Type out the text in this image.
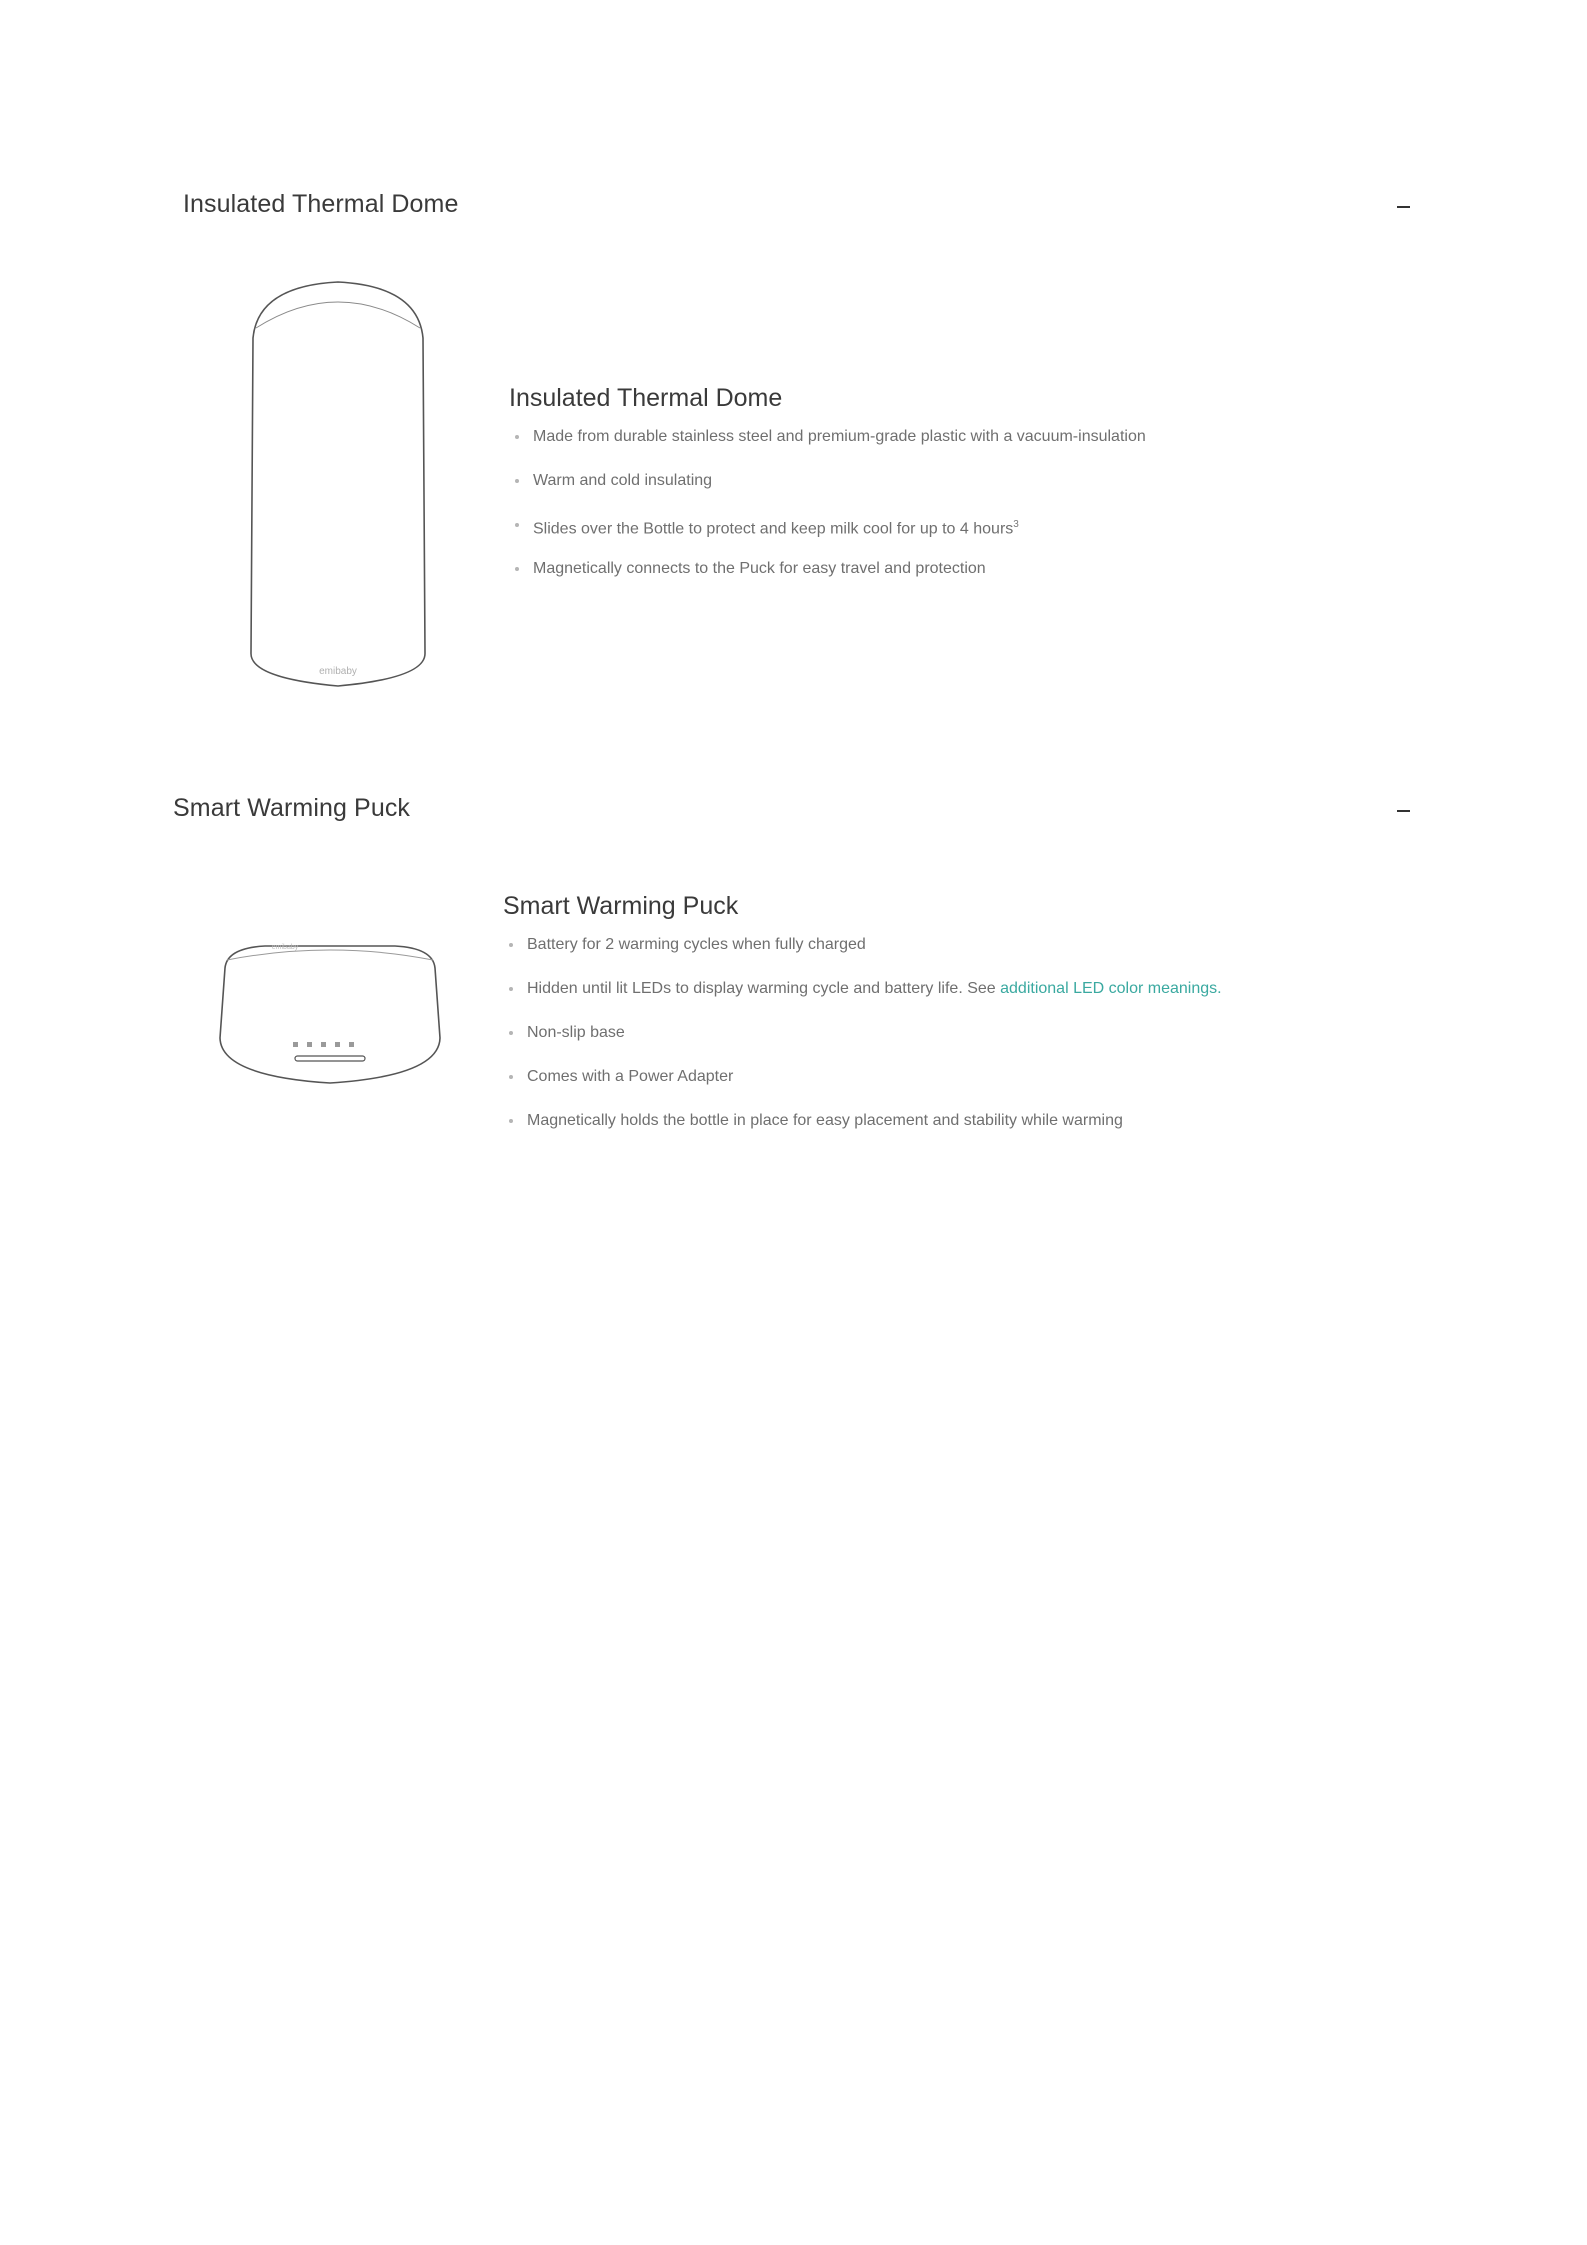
Insulated Thermal Dome
emibaby
Insulated Thermal Dome
Made from durable stainless steel and premium-grade plastic with a vacuum-insulation
Warm and cold insulating
Slides over the Bottle to protect and keep milk cool for up to 4 hours$^3$
Magnetically connects to the Puck for easy travel and protection
Smart Warming Puck
emibaby
Smart Warming Puck
Battery for 2 warming cycles when fully charged
Hidden until lit LEDs to display warming cycle and battery life. See additional LED color meanings.
Non-slip base
Comes with a Power Adapter
Magnetically holds the bottle in place for easy placement and stability while warming
